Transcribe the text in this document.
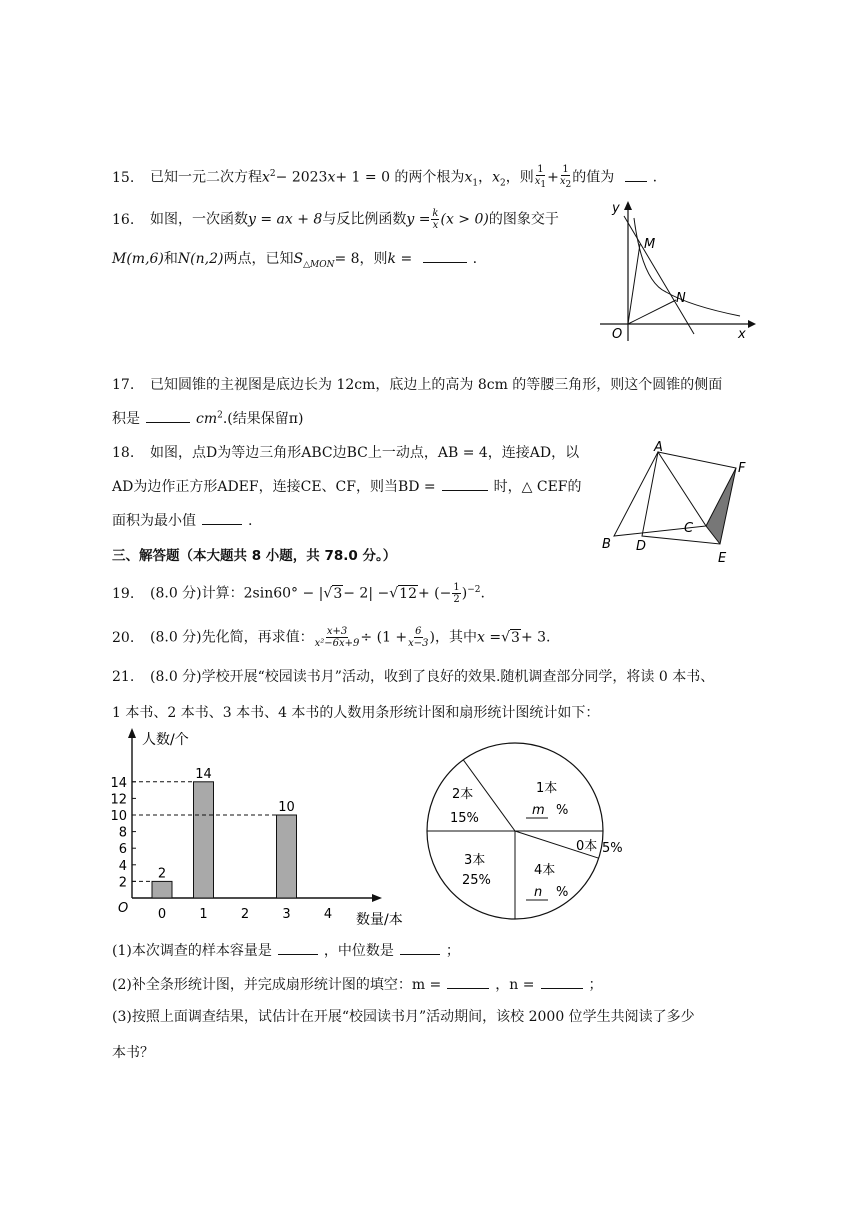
15. 已知一元二次方程$x^2- 2023x+ 1 = 0$ 的两个根为$x_1$，$x_2$，则 $\frac{1}{x1} + \frac{1}{x2}$ 的值为	.
16. 如图，一次函数y = ax + 8与反比例函数$y = \frac{k}{x} (x > 0)$的图象交于
M(m,6)和N(n,2)两点，已知$S_{\triangle MON}= 8$，则k =	.
y
x
O
M
N
17. 已知圆锥的主视图是底边长为 12cm，底边上的高为 8cm 的等腰三角形，则这个圆锥的侧面
积是	$cm^2$.(结果保留π)
18. 如图，点D为等边三角形ABC边BC上一动点，AB = 4，连接AD，以
AD为边作正方形ADEF，连接CE、CF，则当BD =	时，△ CEF的
面积为最小值	.
A
B
C
D
E
F
三、解答题（本大题共 8 小题，共 78.0 分。）
19. (8.0 分)计算：2sin60° − |√3− 2| −√12+ (− $\frac{1}{2} )^{-2}$.
20. (8.0 分)先化简，再求值： $\frac{x+3}{\text{x²−6x+9}} \div (1 + \frac{6}{x-3}$ )，其中x =√3+ 3.
21. (8.0 分)学校开展“校园读书月”活动，收到了良好的效果.随机调查部分同学，将读 0 本书、
1 本书、2 本书、3 本书、4 本书的人数用条形统计图和扇形统计图统计如下：
2
4
6
8
10
12
14
人数/个
数量/本
O 0
2
1
14
2	3
10
4
1本
m %
0本 5%
4本
n %
3本
25%
2本
15%
(1)本次调查的样本容量是	，中位数是	；
(2)补全条形统计图，并完成扇形统计图的填空：m =	，n =	；
(3)按照上面调查结果，试估计在开展“校园读书月”活动期间，该校 2000 位学生共阅读了多少
本书？
